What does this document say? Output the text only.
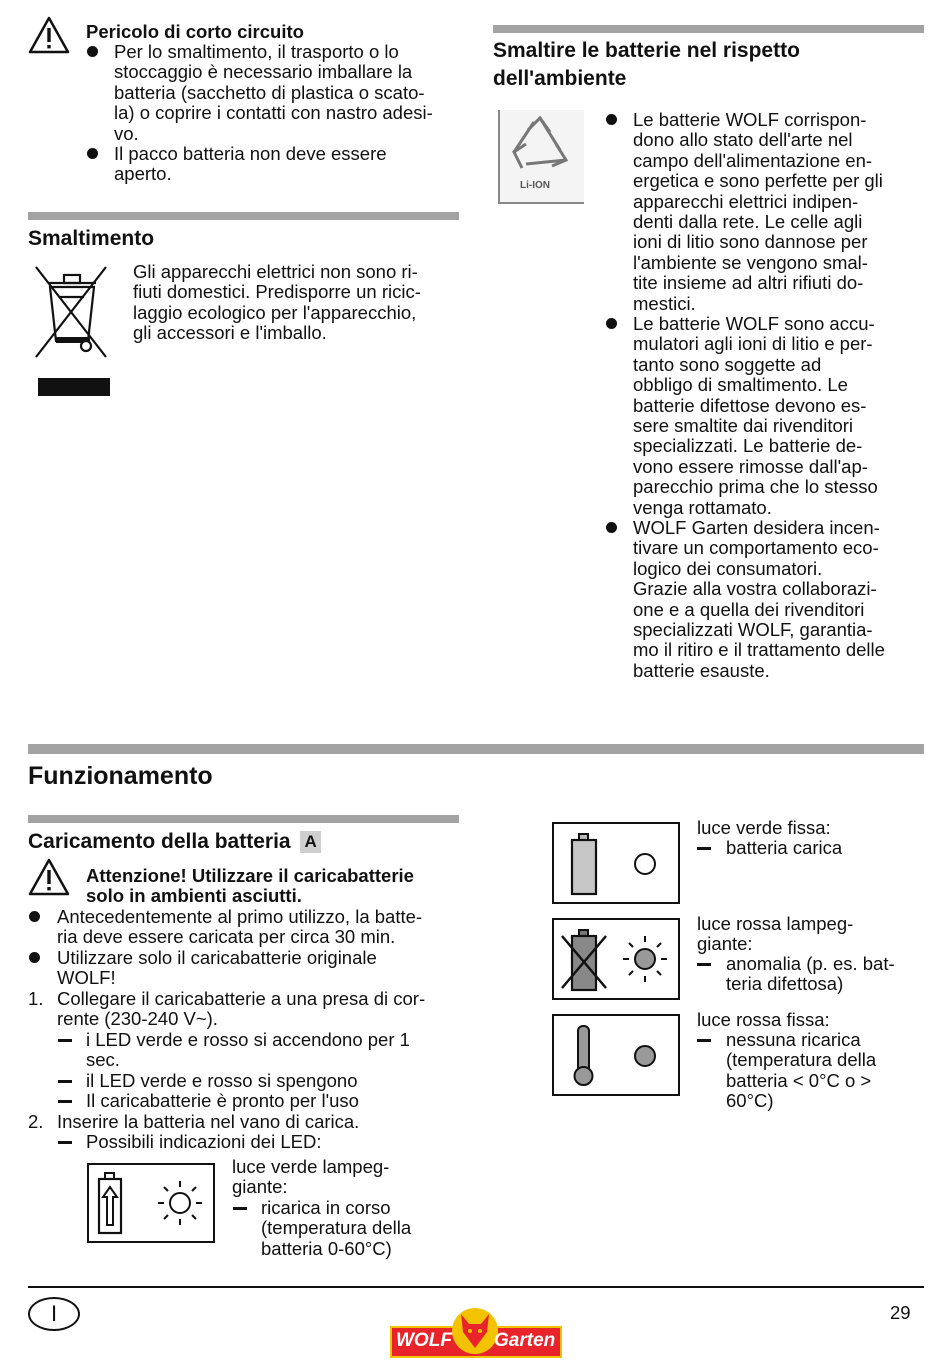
Pericolo di corto circuito
Per lo smaltimento, il trasporto o lo
stoccaggio è necessario imballare la
batteria (sacchetto di plastica o scato-
la) o coprire i contatti con nastro adesi-
vo.
Il pacco batteria non deve essere
aperto.
Smaltimento
Gli apparecchi elettrici non sono ri-
fiuti domestici. Predisporre un ricic-
laggio ecologico per l'apparecchio,
gli accessori e l'imballo.
Smaltire le batterie nel rispetto
dell'ambiente
Li-ION
Le batterie WOLF corrispon-
dono allo stato dell'arte nel
campo dell'alimentazione en-
ergetica e sono perfette per gli
apparecchi elettrici indipen-
denti dalla rete. Le celle agli
ioni di litio sono dannose per
l'ambiente se vengono smal-
tite insieme ad altri rifiuti do-
mestici.
Le batterie WOLF sono accu-
mulatori agli ioni di litio e per-
tanto sono soggette ad
obbligo di smaltimento. Le
batterie difettose devono es-
sere smaltite dai rivenditori
specializzati. Le batterie de-
vono essere rimosse dall'ap-
parecchio prima che lo stesso
venga rottamato.
WOLF Garten desidera incen-
tivare un comportamento eco-
logico dei consumatori.
Grazie alla vostra collaborazi-
one e a quella dei rivenditori
specializzati WOLF, garantia-
mo il ritiro e il trattamento delle
batterie esauste.
Funzionamento
Caricamento della batteria A
Attenzione! Utilizzare il caricabatterie
solo in ambienti asciutti.
Antecedentemente al primo utilizzo, la batte-
ria deve essere caricata per circa 30 min.
Utilizzare solo il caricabatterie originale
WOLF!
1. Collegare il caricabatterie a una presa di cor-
rente (230-240 V~).
i LED verde e rosso si accendono per 1
sec.
il LED verde e rosso si spengono
Il caricabatterie è pronto per l'uso
2. Inserire la batteria nel vano di carica.
Possibili indicazioni dei LED:
luce verde lampeg-
giante:
ricarica in corso
(temperatura della
batteria 0-60°C)
luce verde fissa:
batteria carica
luce rossa lampeg-
giante:
anomalia (p. es. bat-
teria difettosa)
luce rossa fissa:
nessuna ricarica
(temperatura della
batteria < 0°C o >
60°C)
I	29
WOLF Garten
